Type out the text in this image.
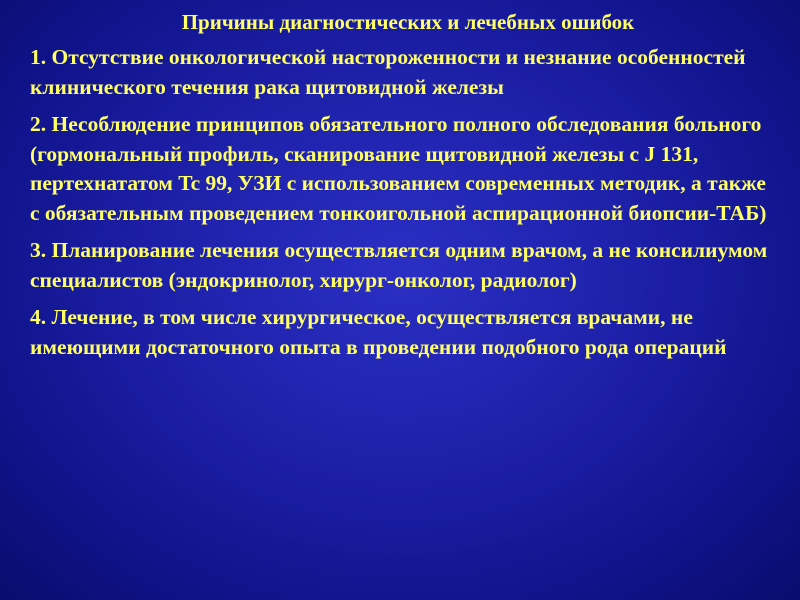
Причины диагностических и лечебных ошибок
1. Отсутствие онкологической настороженности и незнание особенностей клинического течения рака щитовидной железы
2. Несоблюдение принципов обязательного полного обследования больного (гормональный профиль, сканирование щитовидной железы с J 131, пертехнататом Tc 99, УЗИ с использованием современных методик, а также с обязательным проведением тонкоигольной аспирационной биопсии-ТАБ)
3. Планирование лечения осуществляется одним врачом, а не консилиумом специалистов (эндокринолог, хирург-онколог, радиолог)
4. Лечение, в том числе хирургическое, осуществляется врачами, не имеющими достаточного опыта в проведении подобного рода операций
